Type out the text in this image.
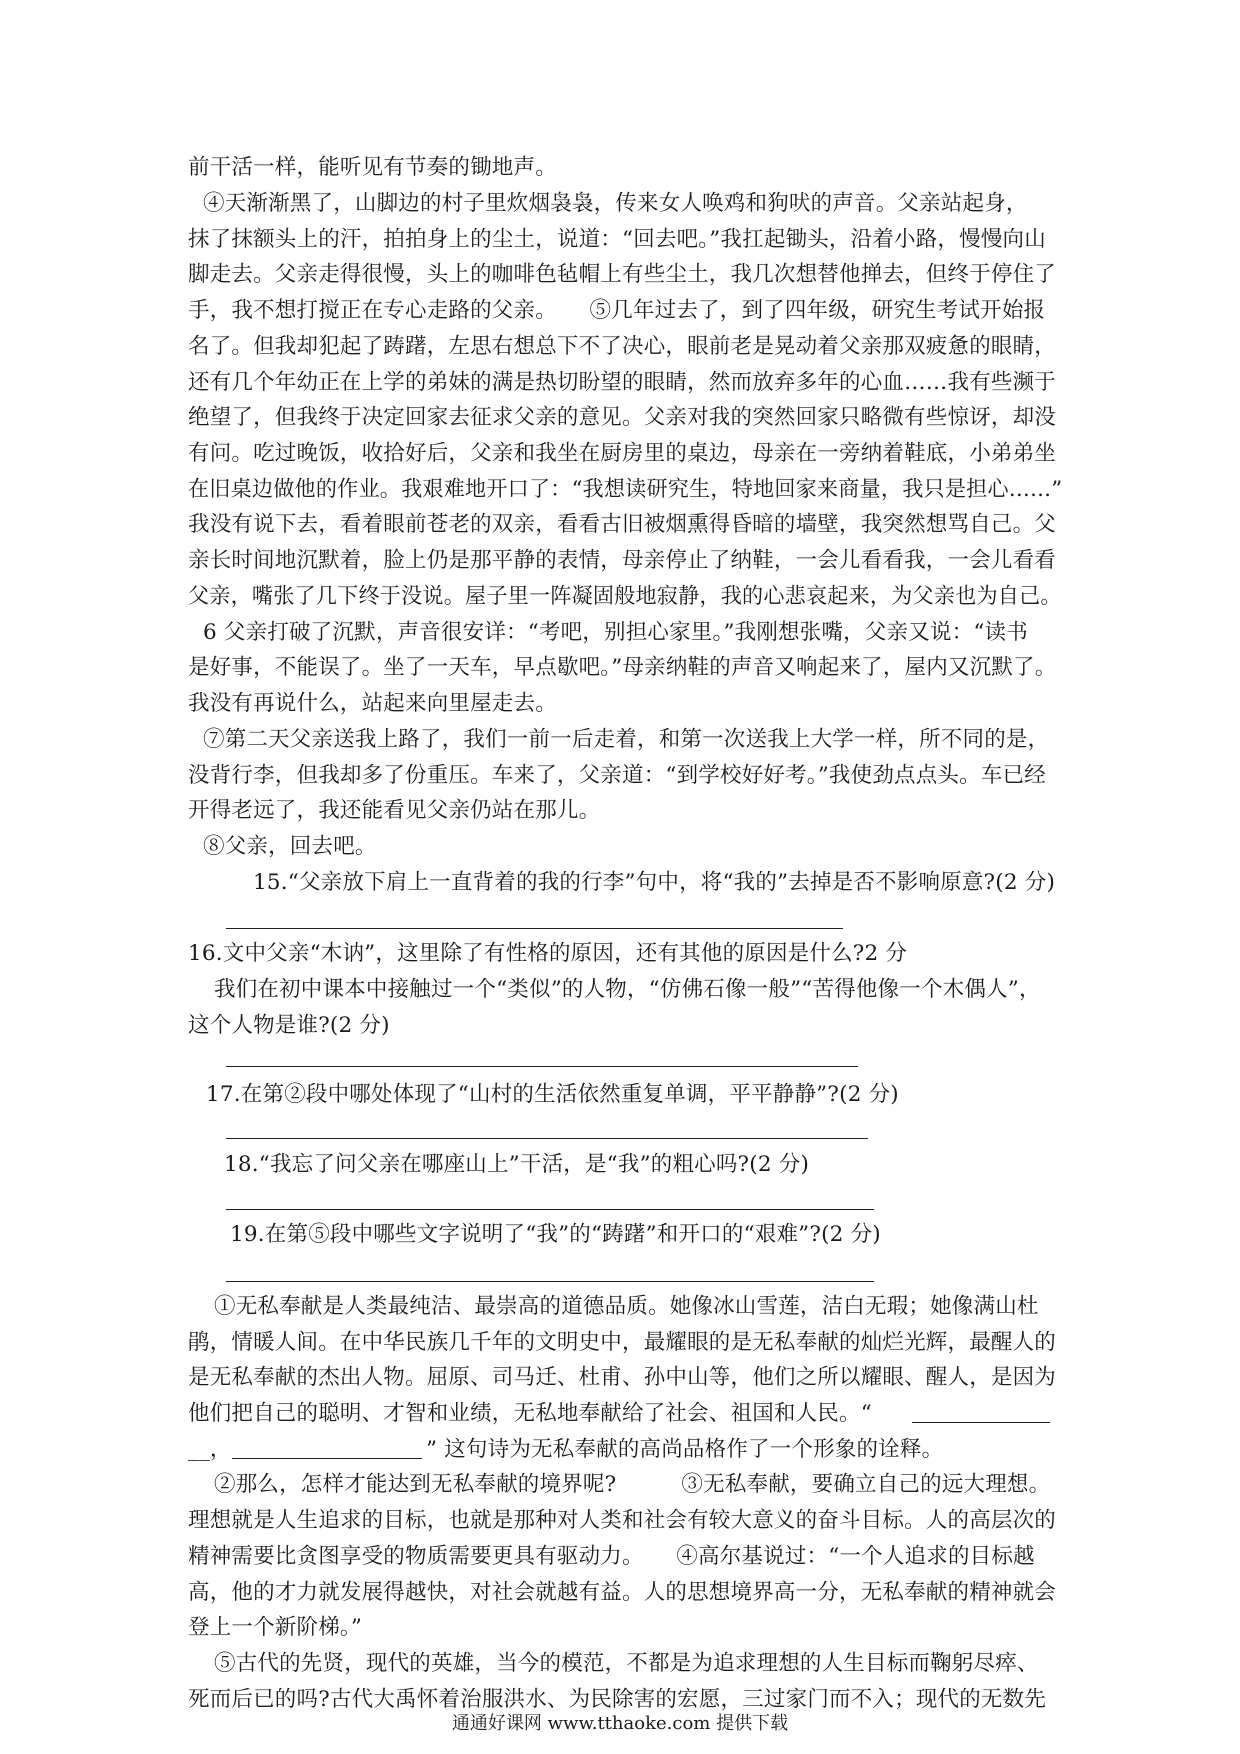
前干活一样，能听见有节奏的锄地声。
④天渐渐黑了，山脚边的村子里炊烟袅袅，传来女人唤鸡和狗吠的声音。父亲站起身，
抹了抹额头上的汗，拍拍身上的尘土，说道：“回去吧。”我扛起锄头，沿着小路，慢慢向山
脚走去。父亲走得很慢，头上的咖啡色毡帽上有些尘土，我几次想替他掸去，但终于停住了
手，我不想打搅正在专心走路的父亲。　　⑤几年过去了，到了四年级，研究生考试开始报
名了。但我却犯起了踌躇，左思右想总下不了决心，眼前老是晃动着父亲那双疲惫的眼睛，
还有几个年幼正在上学的弟妹的满是热切盼望的眼睛，然而放弃多年的心血……我有些濒于
绝望了，但我终于决定回家去征求父亲的意见。父亲对我的突然回家只略微有些惊讶，却没
有问。吃过晚饭，收拾好后，父亲和我坐在厨房里的桌边，母亲在一旁纳着鞋底，小弟弟坐
在旧桌边做他的作业。我艰难地开口了：“我想读研究生，特地回家来商量，我只是担心……”
我没有说下去，看着眼前苍老的双亲，看看古旧被烟熏得昏暗的墙壁，我突然想骂自己。父
亲长时间地沉默着，脸上仍是那平静的表情，母亲停止了纳鞋，一会儿看看我，一会儿看看
父亲，嘴张了几下终于没说。屋子里一阵凝固般地寂静，我的心悲哀起来，为父亲也为自己。
6 父亲打破了沉默，声音很安详：“考吧，别担心家里。”我刚想张嘴，父亲又说：“读书
是好事，不能误了。坐了一天车，早点歇吧。”母亲纳鞋的声音又响起来了，屋内又沉默了。
我没有再说什么，站起来向里屋走去。
⑦第二天父亲送我上路了，我们一前一后走着，和第一次送我上大学一样，所不同的是，
没背行李，但我却多了份重压。车来了，父亲道：“到学校好好考。”我使劲点点头。车已经
开得老远了，我还能看见父亲仍站在那儿。
⑧父亲，回去吧。
15.“父亲放下肩上一直背着的我的行李”句中，将“我的”去掉是否不影响原意?(2 分)
16.文中父亲“木讷”，这里除了有性格的原因，还有其他的原因是什么?2 分
我们在初中课本中接触过一个“类似”的人物，“仿佛石像一般”“苦得他像一个木偶人”，
这个人物是谁?(2 分)
17.在第②段中哪处体现了“山村的生活依然重复单调，平平静静”?(2 分)
18.“我忘了问父亲在哪座山上”干活，是“我”的粗心吗?(2 分)
19.在第⑤段中哪些文字说明了“我”的“踌躇”和开口的“艰难”?(2 分)
①无私奉献是人类最纯洁、最崇高的道德品质。她像冰山雪莲，洁白无瑕；她像满山杜
鹃，情暖人间。在中华民族几千年的文明史中，最耀眼的是无私奉献的灿烂光辉，最醒人的
是无私奉献的杰出人物。屈原、司马迁、杜甫、孙中山等，他们之所以耀眼、醒人，是因为
他们把自己的聪明、才智和业绩，无私地奉献给了社会、祖国和人民。“
__，	” 这句诗为无私奉献的高尚品格作了一个形象的诠释。
②那么，怎样才能达到无私奉献的境界呢?　　　③无私奉献，要确立自己的远大理想。
理想就是人生追求的目标，也就是那种对人类和社会有较大意义的奋斗目标。人的高层次的
精神需要比贪图享受的物质需要更具有驱动力。　　④高尔基说过：“一个人追求的目标越
高，他的才力就发展得越快，对社会就越有益。人的思想境界高一分，无私奉献的精神就会
登上一个新阶梯。”
⑤古代的先贤，现代的英雄，当今的模范，不都是为追求理想的人生目标而鞠躬尽瘁、
死而后已的吗?古代大禹怀着治服洪水、为民除害的宏愿，三过家门而不入；现代的无数先
通通好课网 www.tthaoke.com 提供下载
